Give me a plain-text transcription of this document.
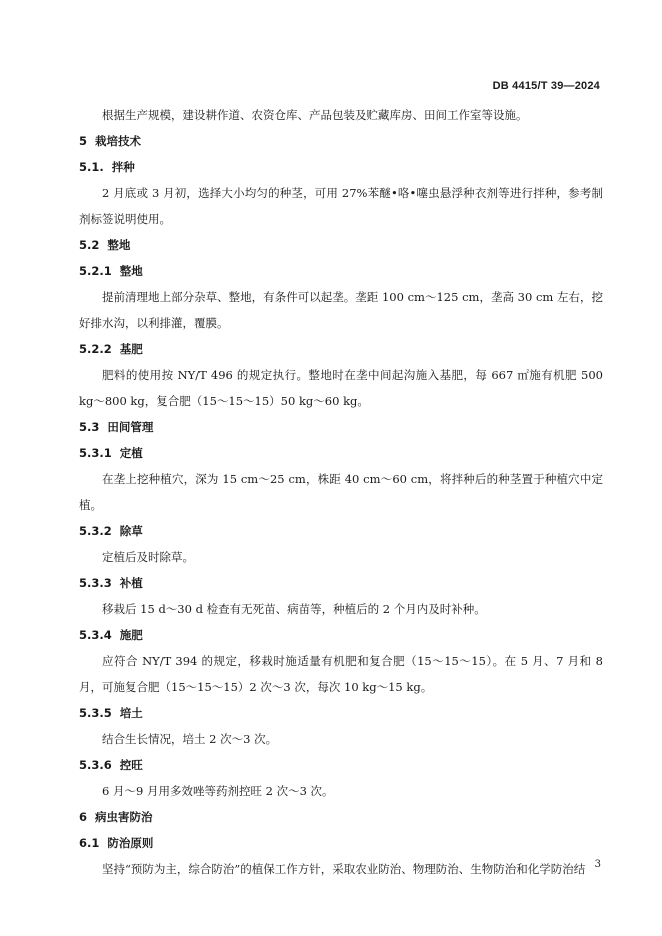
DB 4415/T 39—2024
根据生产规模，建设耕作道、农资仓库、产品包装及贮藏库房、田间工作室等设施。
5 栽培技术
5.1. 拌种
2 月底或 3 月初，选择大小均匀的种茎，可用 27%苯醚•咯•噻虫悬浮种衣剂等进行拌种，参考制剂标签说明使用。
5.2 整地
5.2.1 整地
提前清理地上部分杂草、整地，有条件可以起垄。垄距 100 cm～125 cm，垄高 30 cm 左右，挖好排水沟，以利排灌，覆膜。
5.2.2 基肥
肥料的使用按 NY/T 496 的规定执行。整地时在垄中间起沟施入基肥，每 667 ㎡施有机肥 500 kg～800 kg，复合肥（15～15～15）50 kg～60 kg。
5.3 田间管理
5.3.1 定植
在垄上挖种植穴，深为 15 cm～25 cm，株距 40 cm～60 cm，将拌种后的种茎置于种植穴中定植。
5.3.2 除草
定植后及时除草。
5.3.3 补植
移栽后 15 d～30 d 检查有无死苗、病苗等，种植后的 2 个月内及时补种。
5.3.4 施肥
应符合 NY/T 394 的规定，移栽时施适量有机肥和复合肥（15～15～15）。在 5 月、7 月和 8 月，可施复合肥（15～15～15）2 次～3 次，每次 10 kg～15 kg。
5.3.5 培土
结合生长情况，培土 2 次～3 次。
5.3.6 控旺
6 月～9 月用多效唑等药剂控旺 2 次～3 次。
6 病虫害防治
6.1 防治原则
坚持“预防为主，综合防治”的植保工作方针，采取农业防治、物理防治、生物防治和化学防治结 3
